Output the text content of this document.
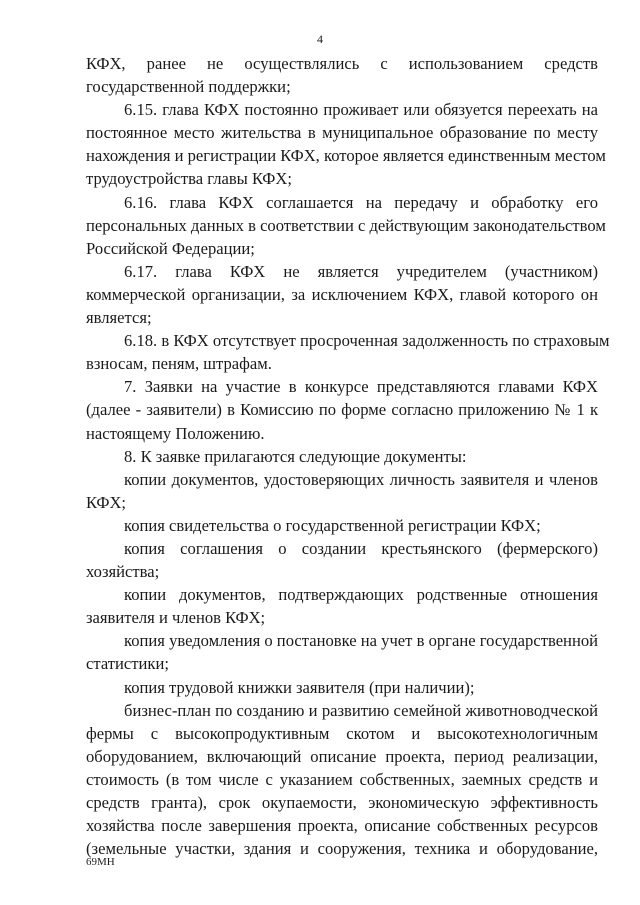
4
КФХ, ранее не осуществлялись с использованием средств
государственной поддержки;
6.15. глава КФХ постоянно проживает или обязуется переехать на
постоянное место жительства в муниципальное образование по месту
нахождения и регистрации КФХ, которое является единственным местом
трудоустройства главы КФХ;
6.16. глава КФХ соглашается на передачу и обработку его
персональных данных в соответствии с действующим законодательством
Российской Федерации;
6.17. глава КФХ не является учредителем (участником)
коммерческой организации, за исключением КФХ, главой которого он
является;
6.18. в КФХ отсутствует просроченная задолженность по страховым
взносам, пеням, штрафам.
7. Заявки на участие в конкурсе представляются главами КФХ
(далее - заявители) в Комиссию по форме согласно приложению № 1 к
настоящему Положению.
8. К заявке прилагаются следующие документы:
копии документов, удостоверяющих личность заявителя и членов
КФХ;
копия свидетельства о государственной регистрации КФХ;
копия соглашения о создании крестьянского (фермерского)
хозяйства;
копии документов, подтверждающих родственные отношения
заявителя и членов КФХ;
копия уведомления о постановке на учет в органе государственной
статистики;
копия трудовой книжки заявителя (при наличии);
бизнес-план по созданию и развитию семейной животноводческой
фермы с высокопродуктивным скотом и высокотехнологичным
оборудованием, включающий описание проекта, период реализации,
стоимость (в том числе с указанием собственных, заемных средств и
средств гранта), срок окупаемости, экономическую эффективность
хозяйства после завершения проекта, описание собственных ресурсов
(земельные участки, здания и сооружения, техника и оборудование,
69МН
